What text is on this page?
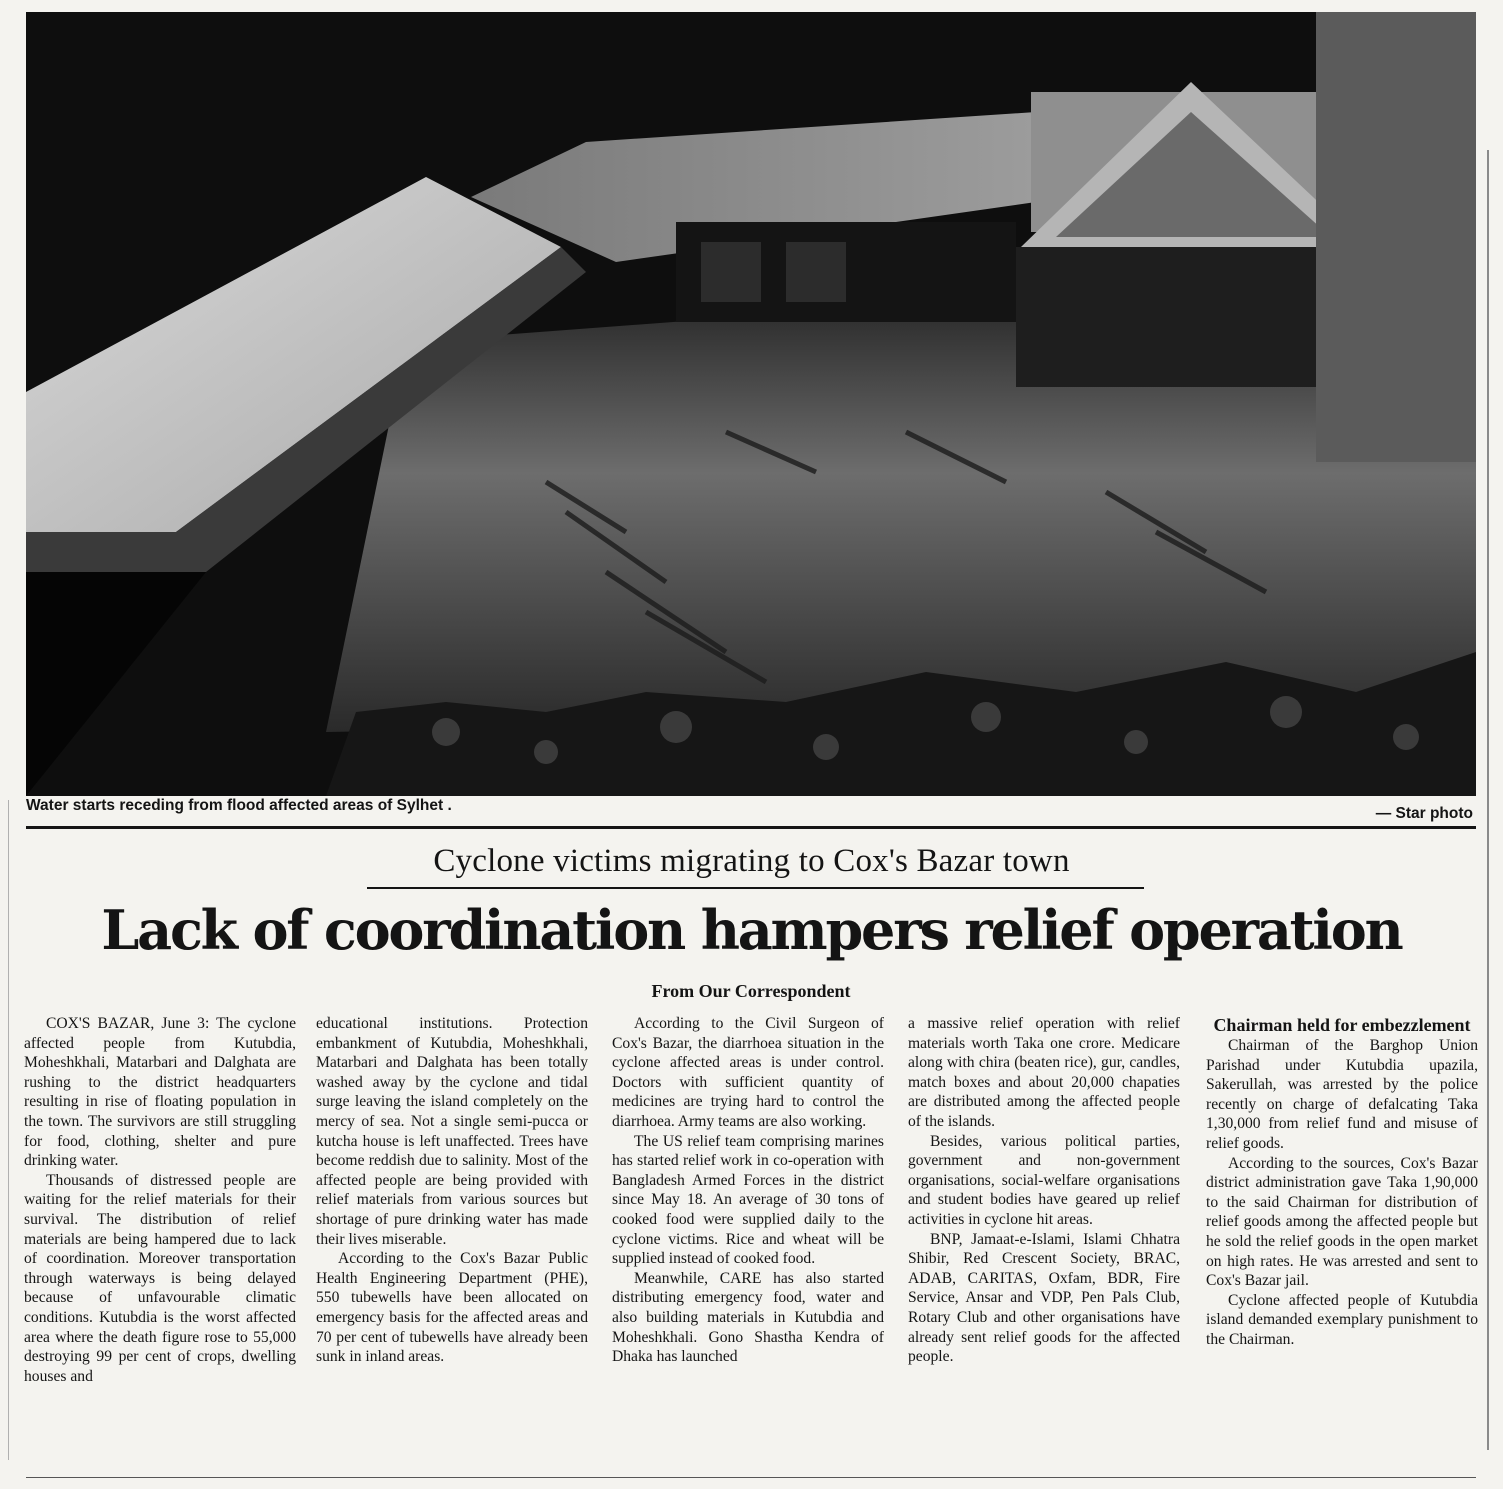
Water starts receding from flood affected areas of Sylhet .	— Star photo
Cyclone victims migrating to Cox's Bazar town
Lack of coordination hampers relief operation
From Our Correspondent

COX'S BAZAR, June 3: The cyclone affected people from Kutubdia, Moheshkhali, Matarbari and Dalghata are rushing to the district headquarters resulting in rise of floating population in the town. The survivors are still struggling for food, clothing, shelter and pure drinking water.

Thousands of distressed people are waiting for the relief materials for their survival. The distribution of relief materials are being hampered due to lack of coordination. Moreover transportation through waterways is being delayed because of unfavourable climatic conditions. Kutubdia is the worst affected area where the death figure rose to 55,000 destroying 99 per cent of crops, dwelling houses and

educational institutions. Protection embankment of Kutubdia, Moheshkhali, Matarbari and Dalghata has been totally washed away by the cyclone and tidal surge leaving the island completely on the mercy of sea. Not a single semi-pucca or kutcha house is left unaffected. Trees have become reddish due to salinity. Most of the affected people are being provided with relief materials from various sources but shortage of pure drinking water has made their lives miserable.

According to the Cox's Bazar Public Health Engineering Department (PHE), 550 tubewells have been allocated on emergency basis for the affected areas and 70 per cent of tubewells have already been sunk in inland areas.

According to the Civil Surgeon of Cox's Bazar, the diarrhoea situation in the cyclone affected areas is under control. Doctors with sufficient quantity of medicines are trying hard to control the diarrhoea. Army teams are also working.

The US relief team comprising marines has started relief work in co-operation with Bangladesh Armed Forces in the district since May 18. An average of 30 tons of cooked food were supplied daily to the cyclone victims. Rice and wheat will be supplied instead of cooked food.

Meanwhile, CARE has also started distributing emergency food, water and also building materials in Kutubdia and Moheshkhali. Gono Shastha Kendra of Dhaka has launched

a massive relief operation with relief materials worth Taka one crore. Medicare along with chira (beaten rice), gur, candles, match boxes and about 20,000 chapaties are distributed among the affected people of the islands.

Besides, various political parties, government and non-government organisations, social-welfare organisations and student bodies have geared up relief activities in cyclone hit areas.

BNP, Jamaat-e-Islami, Islami Chhatra Shibir, Red Crescent Society, BRAC, ADAB, CARITAS, Oxfam, BDR, Fire Service, Ansar and VDP, Pen Pals Club, Rotary Club and other organisations have already sent relief goods for the affected people.

Chairman held for embezzlement

Chairman of the Barghop Union Parishad under Kutubdia upazila, Sakerullah, was arrested by the police recently on charge of defalcating Taka 1,30,000 from relief fund and misuse of relief goods.

According to the sources, Cox's Bazar district administration gave Taka 1,90,000 to the said Chairman for distribution of relief goods among the affected people but he sold the relief goods in the open market on high rates. He was arrested and sent to Cox's Bazar jail.

Cyclone affected people of Kutubdia island demanded exemplary punishment to the Chairman.
